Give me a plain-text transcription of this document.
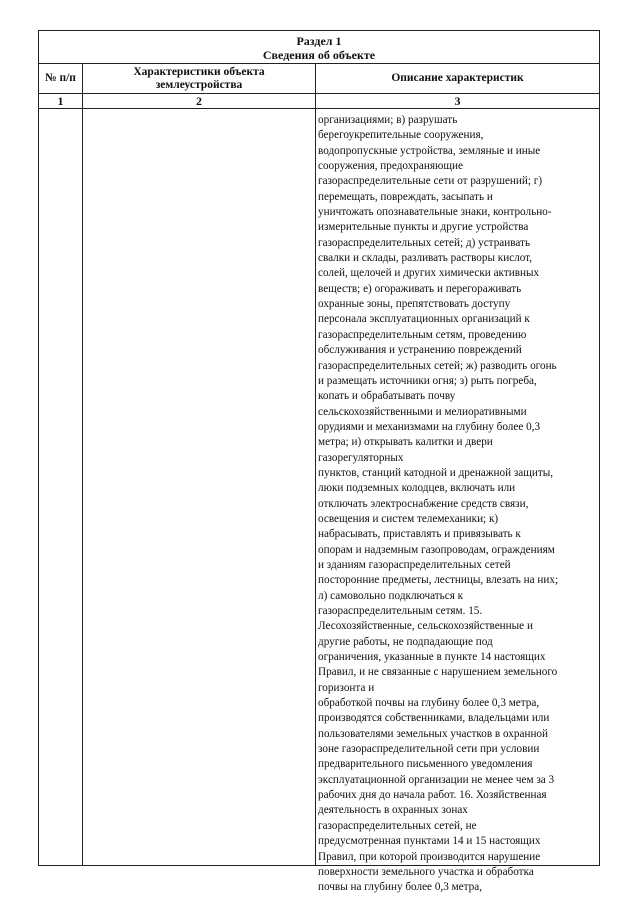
Раздел 1
Сведения об объекте
№ п/п
Характеристики объекта землеустройства
Описание характеристик
1	2	3
организациями; в) разрушать
берегоукрепительные сооружения,
водопропускные устройства, земляные и иные
сооружения, предохраняющие
газораспределительные сети от разрушений; г)
перемещать, повреждать, засыпать и
уничтожать опознавательные знаки, контрольно-
измерительные пункты и другие устройства
газораспределительных сетей; д) устраивать
свалки и склады, разливать растворы кислот,
солей, щелочей и других химически активных
веществ; е) огораживать и перегораживать
охранные зоны, препятствовать доступу
персонала эксплуатационных организаций к
газораспределительным сетям, проведению
обслуживания и устранению повреждений
газораспределительных сетей; ж) разводить огонь
и размещать источники огня; з) рыть погреба,
копать и обрабатывать почву
сельскохозяйственными и мелиоративными
орудиями и механизмами на глубину более 0,3
метра; и) открывать калитки и двери
газорегуляторных
пунктов, станций катодной и дренажной защиты,
люки подземных колодцев, включать или
отключать электроснабжение средств связи,
освещения и систем телемеханики; к)
набрасывать, приставлять и привязывать к
опорам и надземным газопроводам, ограждениям
и зданиям газораспределительных сетей
посторонние предметы, лестницы, влезать на них;
л) самовольно подключаться к
газораспределительным сетям. 15.
Лесохозяйственные, сельскохозяйственные и
другие работы, не подпадающие под
ограничения, указанные в пункте 14 настоящих
Правил, и не связанные с нарушением земельного
горизонта и
обработкой почвы на глубину более 0,3 метра,
производятся собственниками, владельцами или
пользователями земельных участков в охранной
зоне газораспределительной сети при условии
предварительного письменного уведомления
эксплуатационной организации не менее чем за 3
рабочих дня до начала работ. 16. Хозяйственная
деятельность в охранных зонах
газораспределительных сетей, не
предусмотренная пунктами 14 и 15 настоящих
Правил, при которой производится нарушение
поверхности земельного участка и обработка
почвы на глубину более 0,3 метра,
